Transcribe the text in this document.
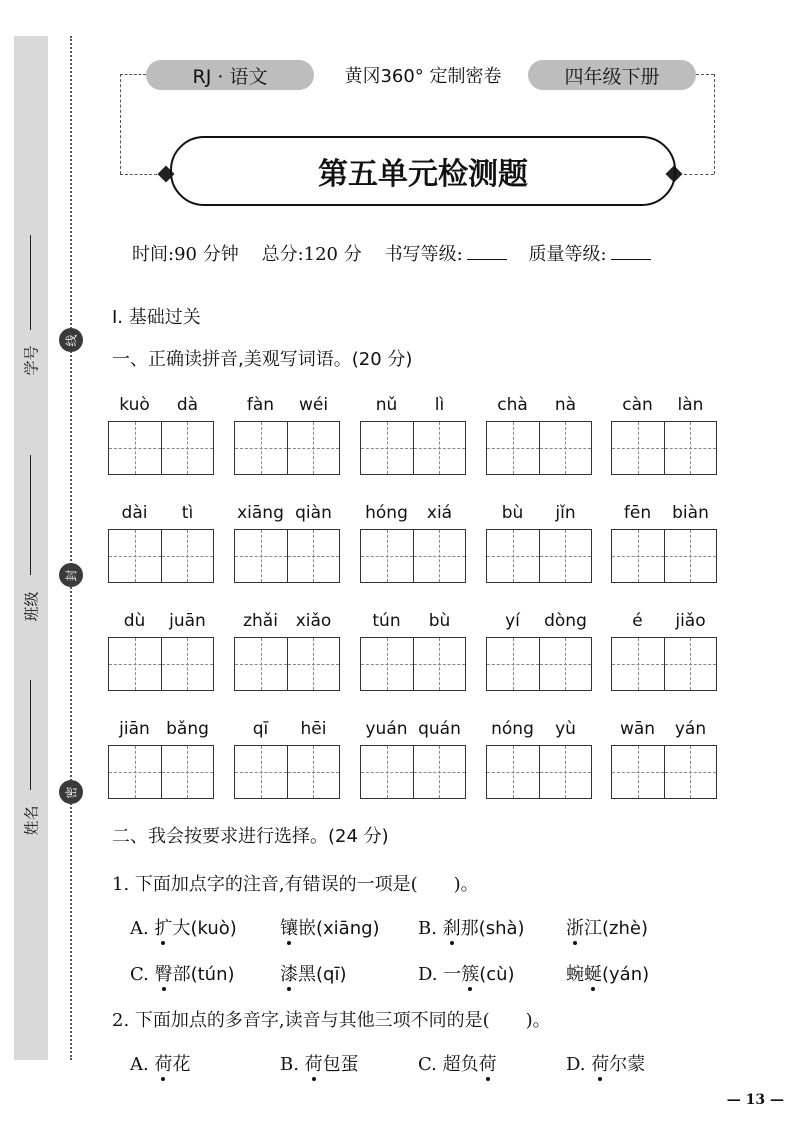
学号
班级
姓名
线
封
密
RJ · 语文	黄冈360° 定制密卷	四年级下册
第五单元检测题
时间:90 分钟 总分:120 分 书写等级:	质量等级:
Ⅰ. 基础过关
一、正确读拼音,美观写词语。(20 分)
kuò	dà	fàn	wéi	nǔ	lì	chà	nà	càn	làn
dài	tì	xiāng qiàn	hóng	xiá	bù	jǐn	fēn	biàn
dù	juān	zhǎi	xiǎo	tún	bù	yí	dòng	é	jiǎo
jiān bǎng	qī	hēi	yuán quán	nóng	yù	wān	yán
二、我会按要求进行选择。(24 分)
1. 下面加点字的注音,有错误的一项是(　　)。
A. 扩大(kuò) 镶嵌(xiāng) B. 刹那(shà) 浙江(zhè)
C. 臀部(tún)	漆黑(qī)	D. 一簇(cù)	蜿蜒(yán)
2. 下面加点的多音字,读音与其他三项不同的是(　　)。
A. 荷花	B. 荷包蛋	C. 超负荷	D. 荷尔蒙
— 13 —
